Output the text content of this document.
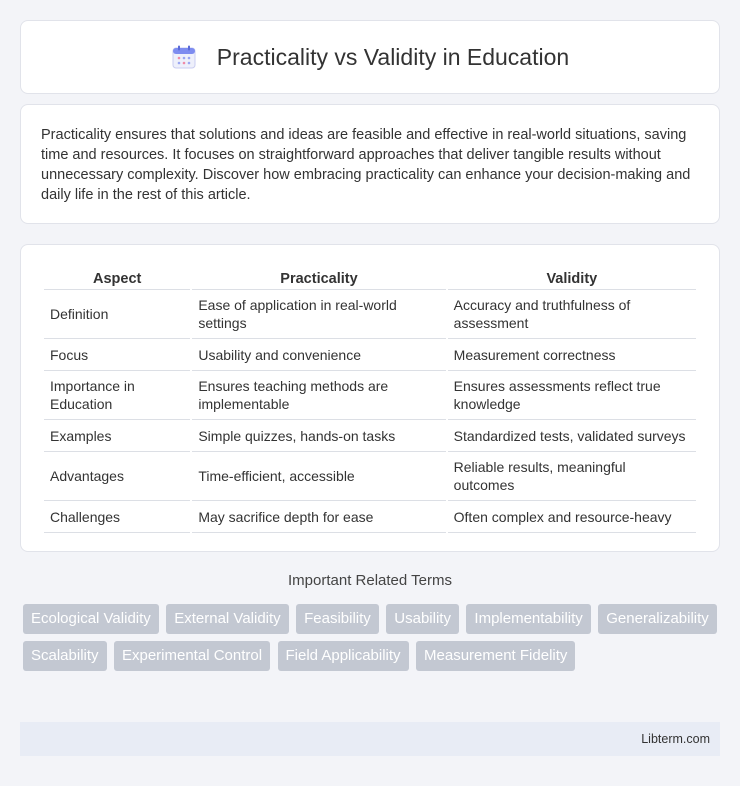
Practicality vs Validity in Education

Practicality ensures that solutions and ideas are feasible and effective in real-world situations, saving time and resources. It focuses on straightforward approaches that deliver tangible results without unnecessary complexity. Discover how embracing practicality can enhance your decision-making and daily life in the rest of this article.

Aspect	Practicality	Validity
Definition	Ease of application in real-world settings	Accuracy and truthfulness of assessment
Focus	Usability and convenience	Measurement correctness
Importance in Education	Ensures teaching methods are implementable	Ensures assessments reflect true knowledge
Examples	Simple quizzes, hands-on tasks	Standardized tests, validated surveys
Advantages	Time-efficient, accessible	Reliable results, meaningful outcomes
Challenges	May sacrifice depth for ease	Often complex and resource-heavy
Important Related Terms
Ecological Validity External Validity Feasibility Usability Implementability Generalizability Scalability Experimental Control Field Applicability Measurement Fidelity
Libterm.com
